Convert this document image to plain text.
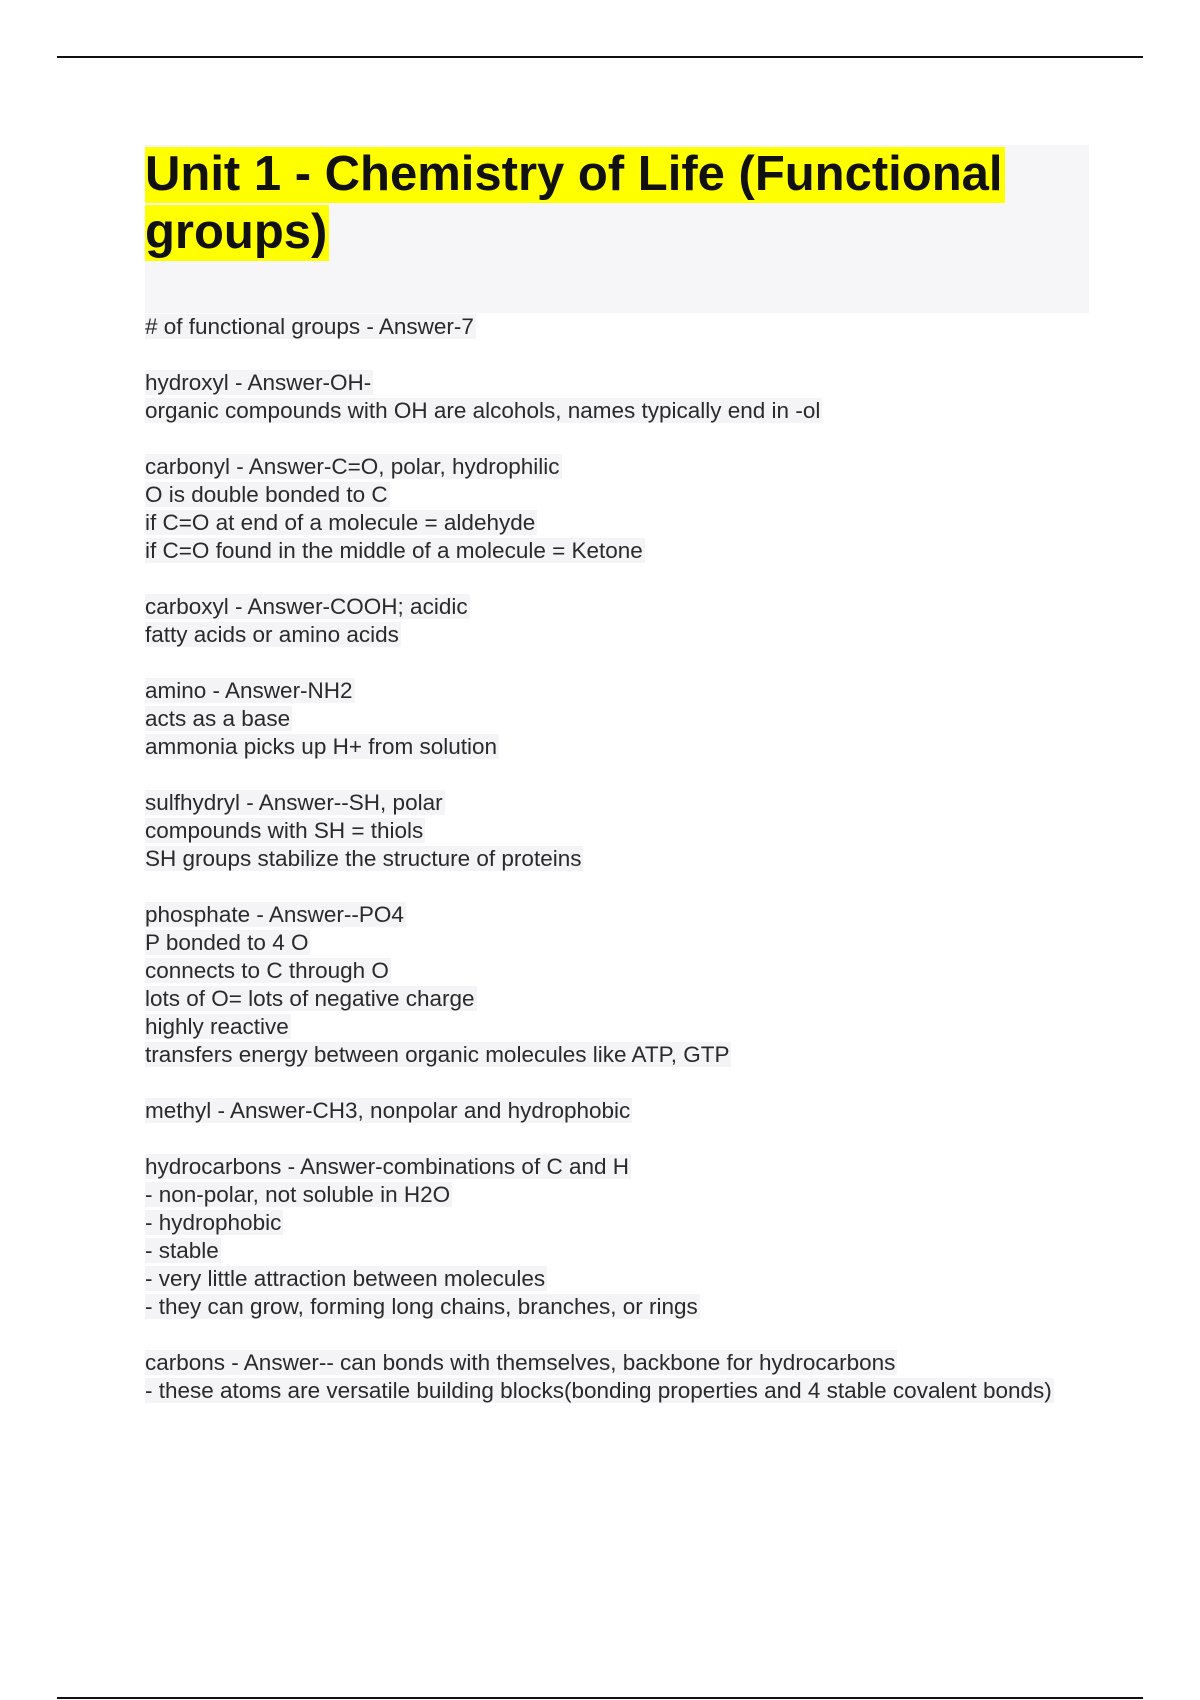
Unit 1 - Chemistry of Life (Functional groups)
# of functional groups - Answer-7
hydroxyl - Answer-OH-
organic compounds with OH are alcohols, names typically end in -ol
carbonyl - Answer-C=O, polar, hydrophilic
O is double bonded to C
if C=O at end of a molecule = aldehyde
if C=O found in the middle of a molecule = Ketone
carboxyl - Answer-COOH; acidic
fatty acids or amino acids
amino - Answer-NH2
acts as a base
ammonia picks up H+ from solution
sulfhydryl - Answer--SH, polar
compounds with SH = thiols
SH groups stabilize the structure of proteins
phosphate - Answer--PO4
P bonded to 4 O
connects to C through O
lots of O= lots of negative charge
highly reactive
transfers energy between organic molecules like ATP, GTP
methyl - Answer-CH3, nonpolar and hydrophobic
hydrocarbons - Answer-combinations of C and H
- non-polar, not soluble in H2O
- hydrophobic
- stable
- very little attraction between molecules
- they can grow, forming long chains, branches, or rings
carbons - Answer-- can bonds with themselves, backbone for hydrocarbons
- these atoms are versatile building blocks(bonding properties and 4 stable covalent bonds)
